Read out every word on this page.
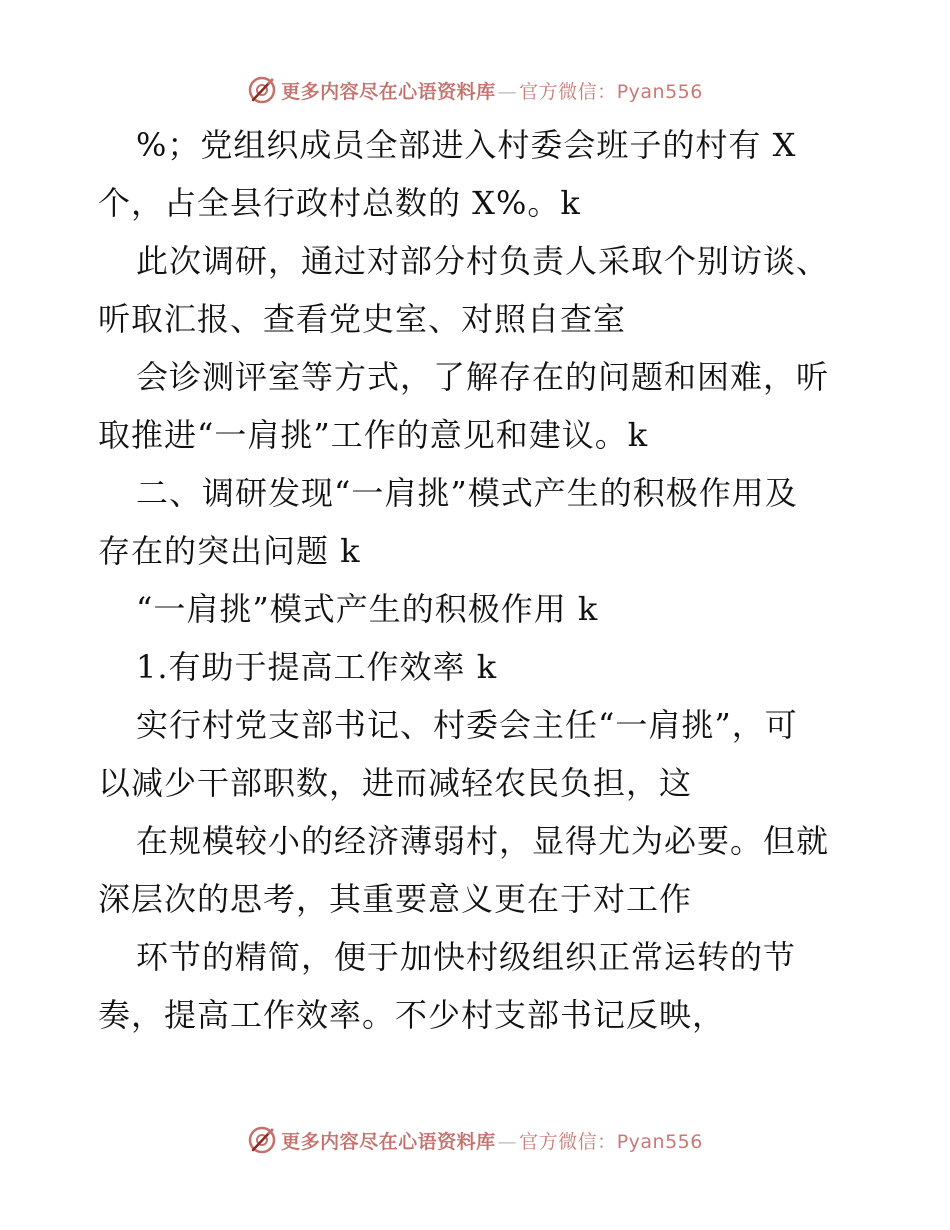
更多内容尽在心语资料库 — 官方微信：Pyan556
%；党组织成员全部进入村委会班子的村有 X
个，占全县行政村总数的 X%。k
此次调研，通过对部分村负责人采取个别访谈、
听取汇报、查看党史室、对照自查室
会诊测评室等方式，了解存在的问题和困难，听
取推进“一肩挑”工作的意见和建议。k
二、调研发现“一肩挑”模式产生的积极作用及
存在的突出问题 k
“一肩挑”模式产生的积极作用 k
1.有助于提高工作效率 k
实行村党支部书记、村委会主任“一肩挑”，可
以减少干部职数，进而减轻农民负担，这
在规模较小的经济薄弱村，显得尤为必要。但就
深层次的思考，其重要意义更在于对工作
环节的精简，便于加快村级组织正常运转的节
奏，提高工作效率。不少村支部书记反映，
更多内容尽在心语资料库 — 官方微信：Pyan556
